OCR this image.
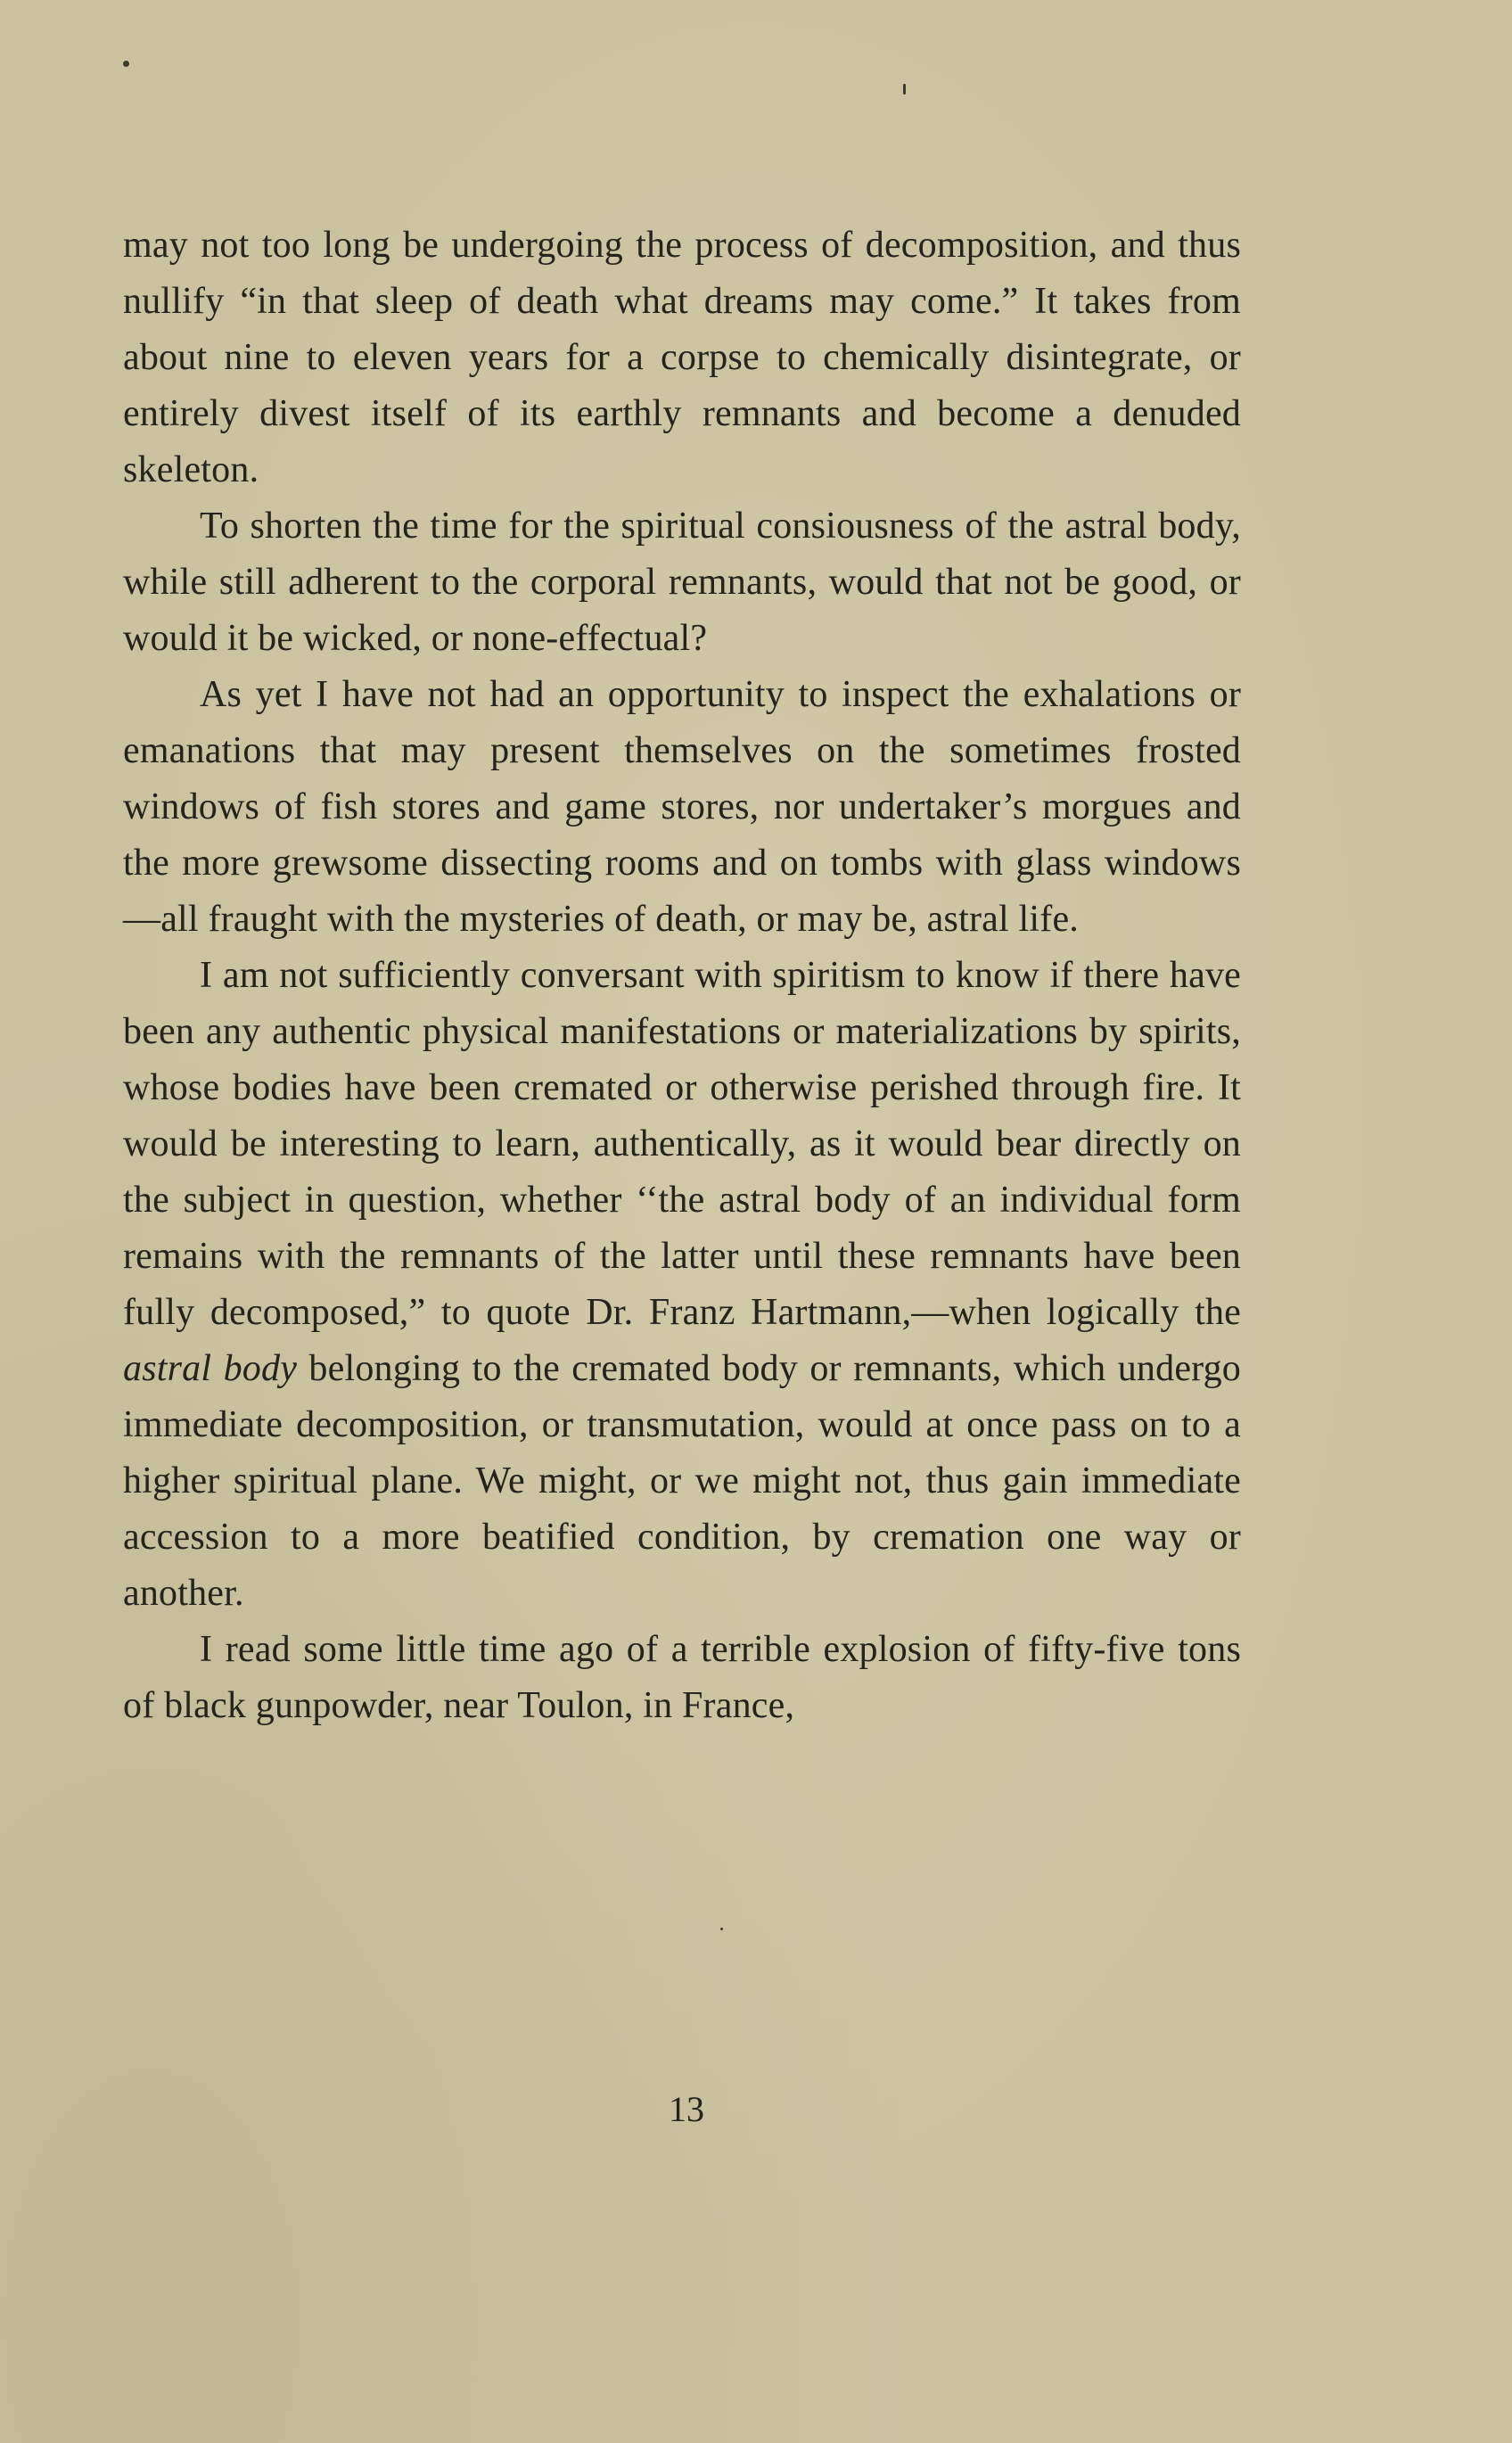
may not too long be undergoing the process of decomposition, and thus nullify “in that sleep of death what dreams may come.” It takes from about nine to eleven years for a corpse to chemically disintegrate, or entirely divest itself of its earthly remnants and become a denuded skeleton.

To shorten the time for the spiritual consiousness of the astral body, while still adherent to the corporal remnants, would that not be good, or would it be wicked, or none-effectual?

As yet I have not had an opportunity to inspect the exhalations or emanations that may present themselves on the sometimes frosted windows of fish stores and game stores, nor undertaker’s morgues and the more grewsome dissecting rooms and on tombs with glass windows—all fraught with the mysteries of death, or may be, astral life.

I am not sufficiently conversant with spiritism to know if there have been any authentic physical manifestations or materializations by spirits, whose bodies have been cremated or otherwise perished through fire. It would be interesting to learn, authentically, as it would bear directly on the subject in question, whether ‘‘the astral body of an individual form remains with the remnants of the latter until these remnants have been fully decomposed,” to quote Dr. Franz Hartmann,—when logically the astral body belonging to the cremated body or remnants, which undergo immediate decomposition, or transmutation, would at once pass on to a higher spiritual plane. We might, or we might not, thus gain immediate accession to a more beatified condition, by cremation one way or another.

I read some little time ago of a terrible explosion of fifty-five tons of black gunpowder, near Toulon, in France,

13
